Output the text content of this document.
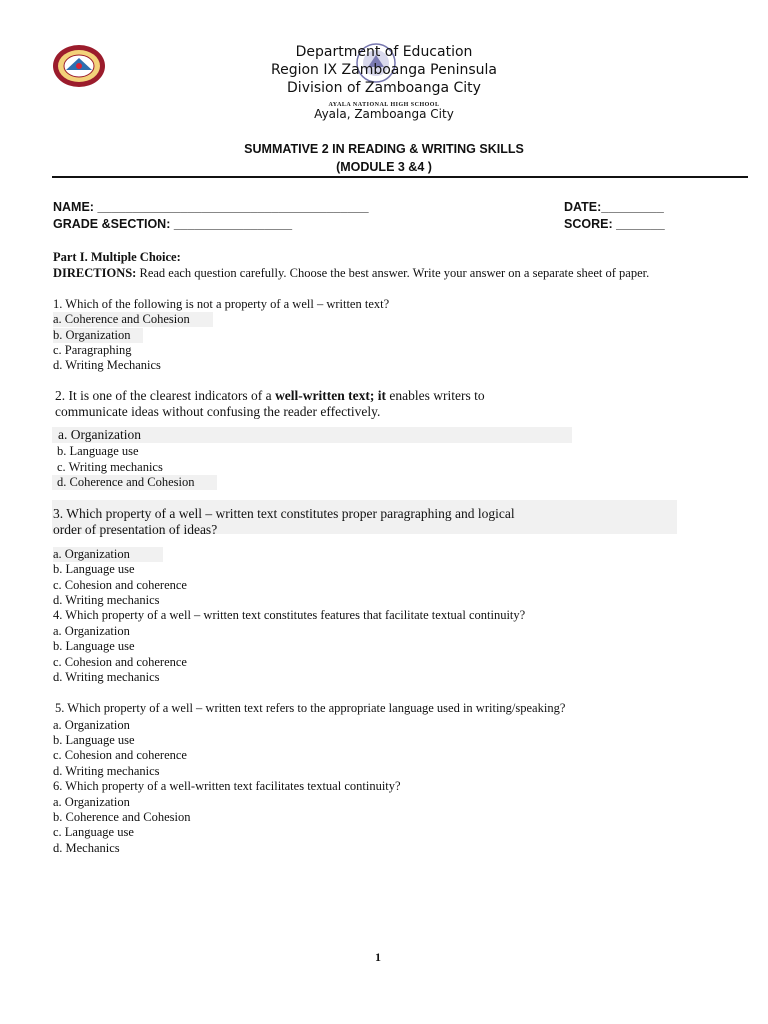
Department of Education
Region IX Zamboanga Peninsula
Division of Zamboanga City
AYALA NATIONAL HIGH SCHOOL
Ayala, Zamboanga City
SUMMATIVE 2 IN READING & WRITING SKILLS
(MODULE 3 &4 )
NAME: _______________________________________	DATE:_________
GRADE &SECTION: _________________	SCORE: _______
Part I. Multiple Choice:
DIRECTIONS: Read each question carefully. Choose the best answer. Write your answer on a separate sheet of paper.
1. Which of the following is not a property of a well – written text?
a. Coherence and Cohesion
b. Organization
c. Paragraphing
d. Writing Mechanics
2. It is one of the clearest indicators of a well-written text; it enables writers to
communicate ideas without confusing the reader effectively.
a. Organization
b. Language use
c. Writing mechanics
d. Coherence and Cohesion
3. Which property of a well – written text constitutes proper paragraphing and logical
order of presentation of ideas?
a. Organization
b. Language use
c. Cohesion and coherence
d. Writing mechanics
4. Which property of a well – written text constitutes features that facilitate textual continuity?
a. Organization
b. Language use
c. Cohesion and coherence
d. Writing mechanics
5. Which property of a well – written text refers to the appropriate language used in writing/speaking?
a. Organization
b. Language use
c. Cohesion and coherence
d. Writing mechanics
6. Which property of a well-written text facilitates textual continuity?
a. Organization
b. Coherence and Cohesion
c. Language use
d. Mechanics
1
